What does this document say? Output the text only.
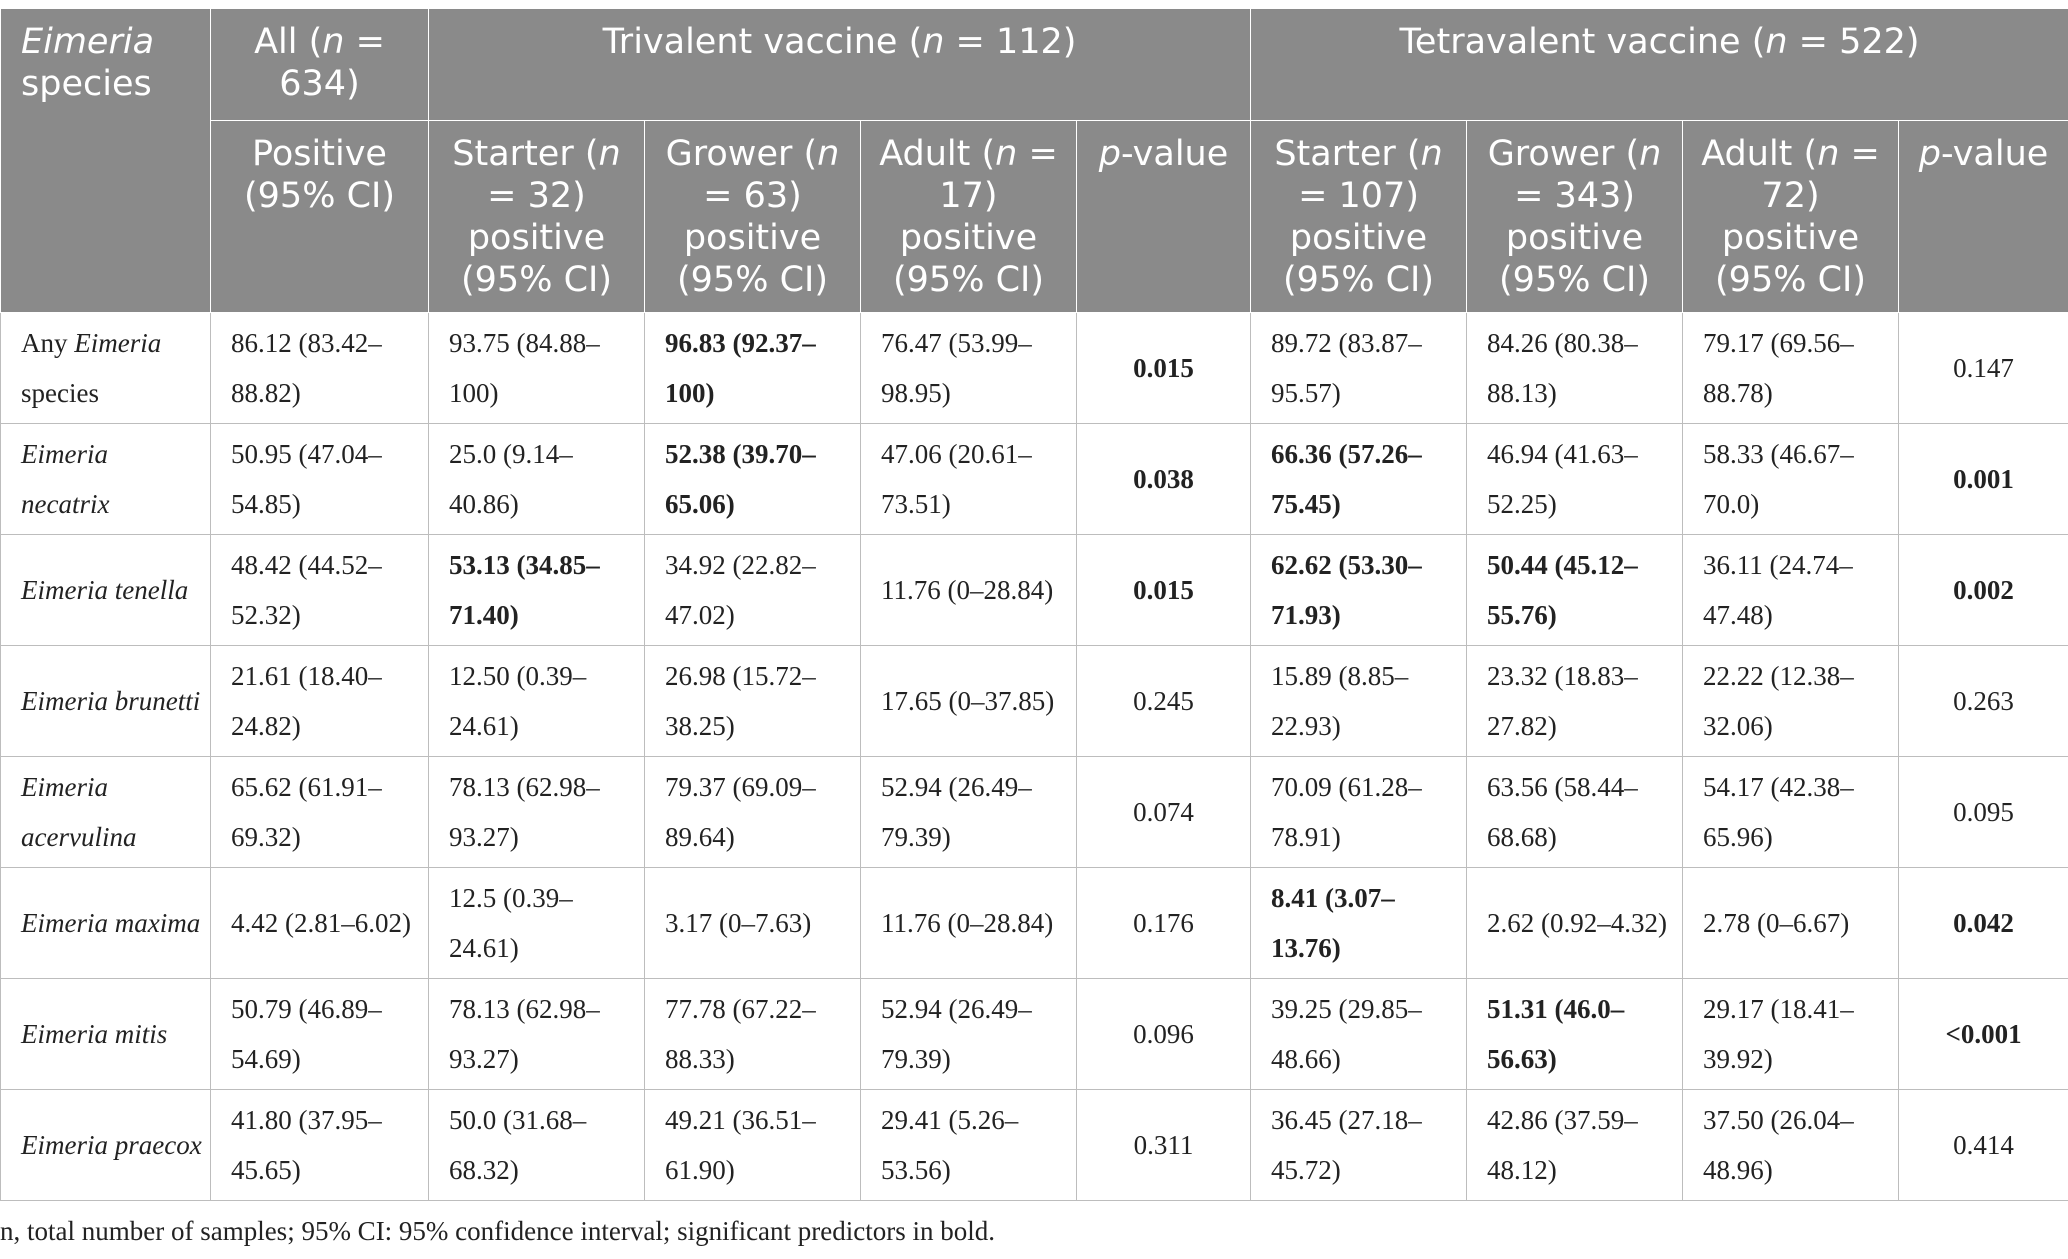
Eimeria species	All (n = 634)	Trivalent vaccine (n = 112)				Tetravalent vaccine (n = 522)			
	Positive (95% CI)	Starter (n = 32) positive (95% CI)	Grower (n = 63) positive (95% CI)	Adult (n = 17) positive (95% CI)	p-value	Starter (n = 107) positive (95% CI)	Grower (n = 343) positive (95% CI)	Adult (n = 72) positive (95% CI)	p-value
Any Eimeria species	86.12 (83.42–88.82)	93.75 (84.88–100)	96.83 (92.37–100)	76.47 (53.99–98.95)	0.015	89.72 (83.87–95.57)	84.26 (80.38–88.13)	79.17 (69.56–88.78)	0.147
Eimeria necatrix	50.95 (47.04–54.85)	25.0 (9.14–40.86)	52.38 (39.70–65.06)	47.06 (20.61–73.51)	0.038	66.36 (57.26–75.45)	46.94 (41.63–52.25)	58.33 (46.67–70.0)	0.001
Eimeria tenella	48.42 (44.52–52.32)	53.13 (34.85–71.40)	34.92 (22.82–47.02)	11.76 (0–28.84)	0.015	62.62 (53.30–71.93)	50.44 (45.12–55.76)	36.11 (24.74–47.48)	0.002
Eimeria brunetti	21.61 (18.40–24.82)	12.50 (0.39–24.61)	26.98 (15.72–38.25)	17.65 (0–37.85)	0.245	15.89 (8.85–22.93)	23.32 (18.83–27.82)	22.22 (12.38–32.06)	0.263
Eimeria acervulina	65.62 (61.91–69.32)	78.13 (62.98–93.27)	79.37 (69.09–89.64)	52.94 (26.49–79.39)	0.074	70.09 (61.28–78.91)	63.56 (58.44–68.68)	54.17 (42.38–65.96)	0.095
Eimeria maxima	4.42 (2.81–6.02)	12.5 (0.39–24.61)	3.17 (0–7.63)	11.76 (0–28.84)	0.176	8.41 (3.07–13.76)	2.62 (0.92–4.32)	2.78 (0–6.67)	0.042
Eimeria mitis	50.79 (46.89–54.69)	78.13 (62.98–93.27)	77.78 (67.22–88.33)	52.94 (26.49–79.39)	0.096	39.25 (29.85–48.66)	51.31 (46.0–56.63)	29.17 (18.41–39.92)	<0.001
Eimeria praecox	41.80 (37.95–45.65)	50.0 (31.68–68.32)	49.21 (36.51–61.90)	29.41 (5.26–53.56)	0.311	36.45 (27.18–45.72)	42.86 (37.59–48.12)	37.50 (26.04–48.96)	0.414

n, total number of samples; 95% CI: 95% confidence interval; significant predictors in bold.
